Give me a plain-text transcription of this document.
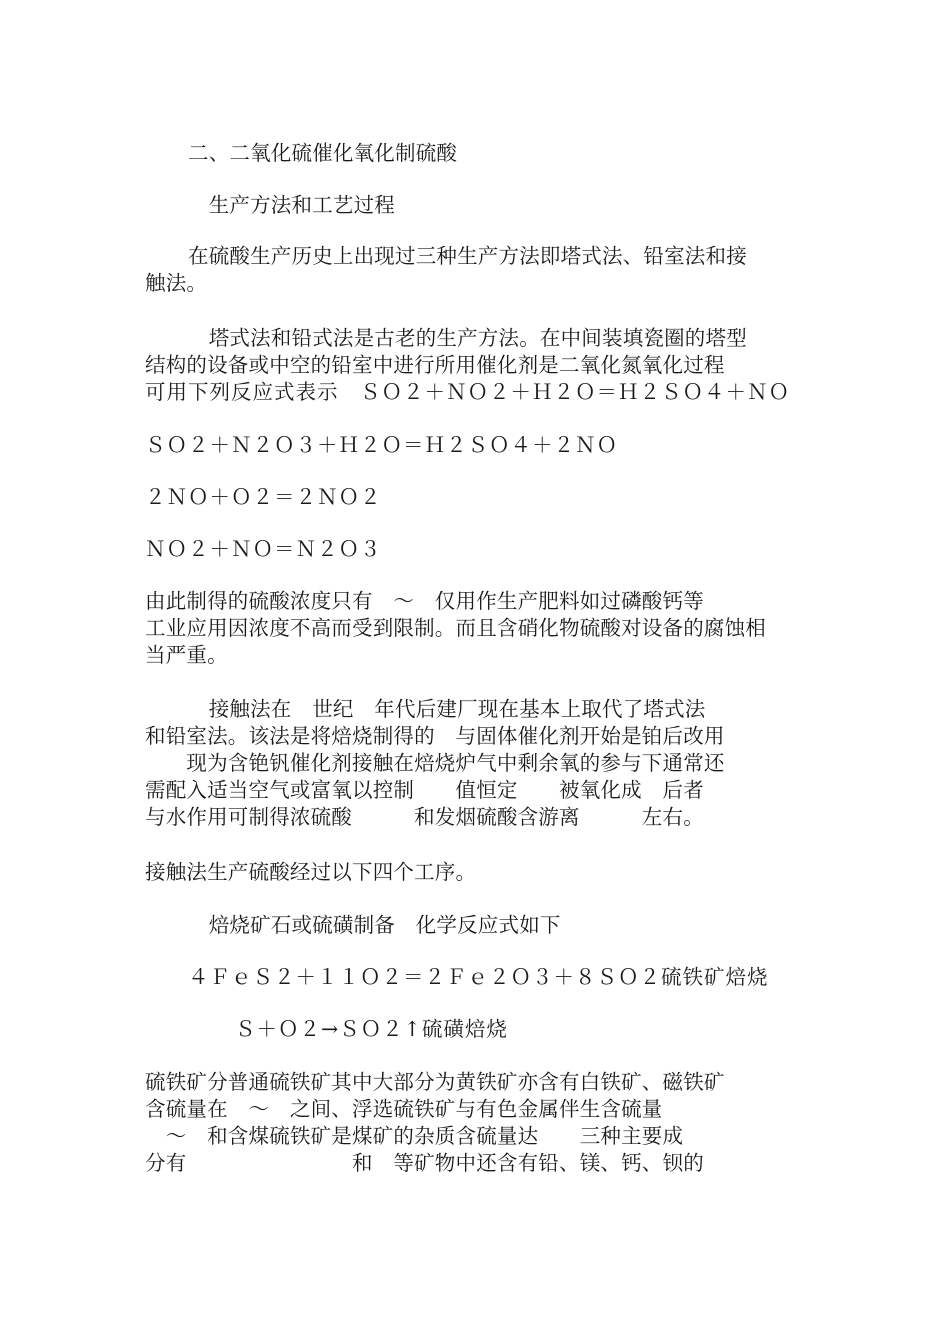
二、二氧化硫催化氧化制硫酸　
　生产方法和工艺过程
在硫酸生产历史上出现过三种生产方法即塔式法、铅室法和接
触法。　
　塔式法和铅式法是古老的生产方法。在中间装填瓷圈的塔型
结构的设备或中空的铅室中进行所用催化剂是二氧化氮氧化过程
可用下列反应式表示　ＳＯ２＋ＮＯ２＋Ｈ２Ｏ＝Ｈ２ＳＯ４＋ＮＯ
ＳＯ２＋Ｎ２Ｏ３＋Ｈ２Ｏ＝Ｈ２ＳＯ４＋２ＮＯ
２ＮＯ＋Ｏ２＝２ＮＯ２
ＮＯ２＋ＮＯ＝Ｎ２Ｏ３
由此制得的硫酸浓度只有　～　仅用作生产肥料如过磷酸钙等　
工业应用因浓度不高而受到限制。而且含硝化物硫酸对设备的腐蚀相
当严重。
　接触法在　世纪　年代后建厂现在基本上取代了塔式法
和铅室法。该法是将焙烧制得的　与固体催化剂开始是铂后改用
　　现为含铯钒催化剂接触在焙烧炉气中剩余氧的参与下通常还
需配入适当空气或富氧以控制　　值恒定　　被氧化成　后者
与水作用可制得浓硫酸　　　和发烟硫酸含游离　　　左右。
接触法生产硫酸经过以下四个工序。
　焙烧矿石或硫磺制备　化学反应式如下　
４ＦｅＳ２＋１１Ｏ２＝２Ｆｅ２Ｏ３＋８ＳＯ２硫铁矿焙烧　
Ｓ＋Ｏ２→ＳＯ２↑硫磺焙烧　
硫铁矿分普通硫铁矿其中大部分为黄铁矿亦含有白铁矿、磁铁矿
含硫量在　～　之间、浮选硫铁矿与有色金属伴生含硫量
　～　和含煤硫铁矿是煤矿的杂质含硫量达　　三种主要成
分有　　　　　　　　和　等矿物中还含有铅、镁、钙、钡的
